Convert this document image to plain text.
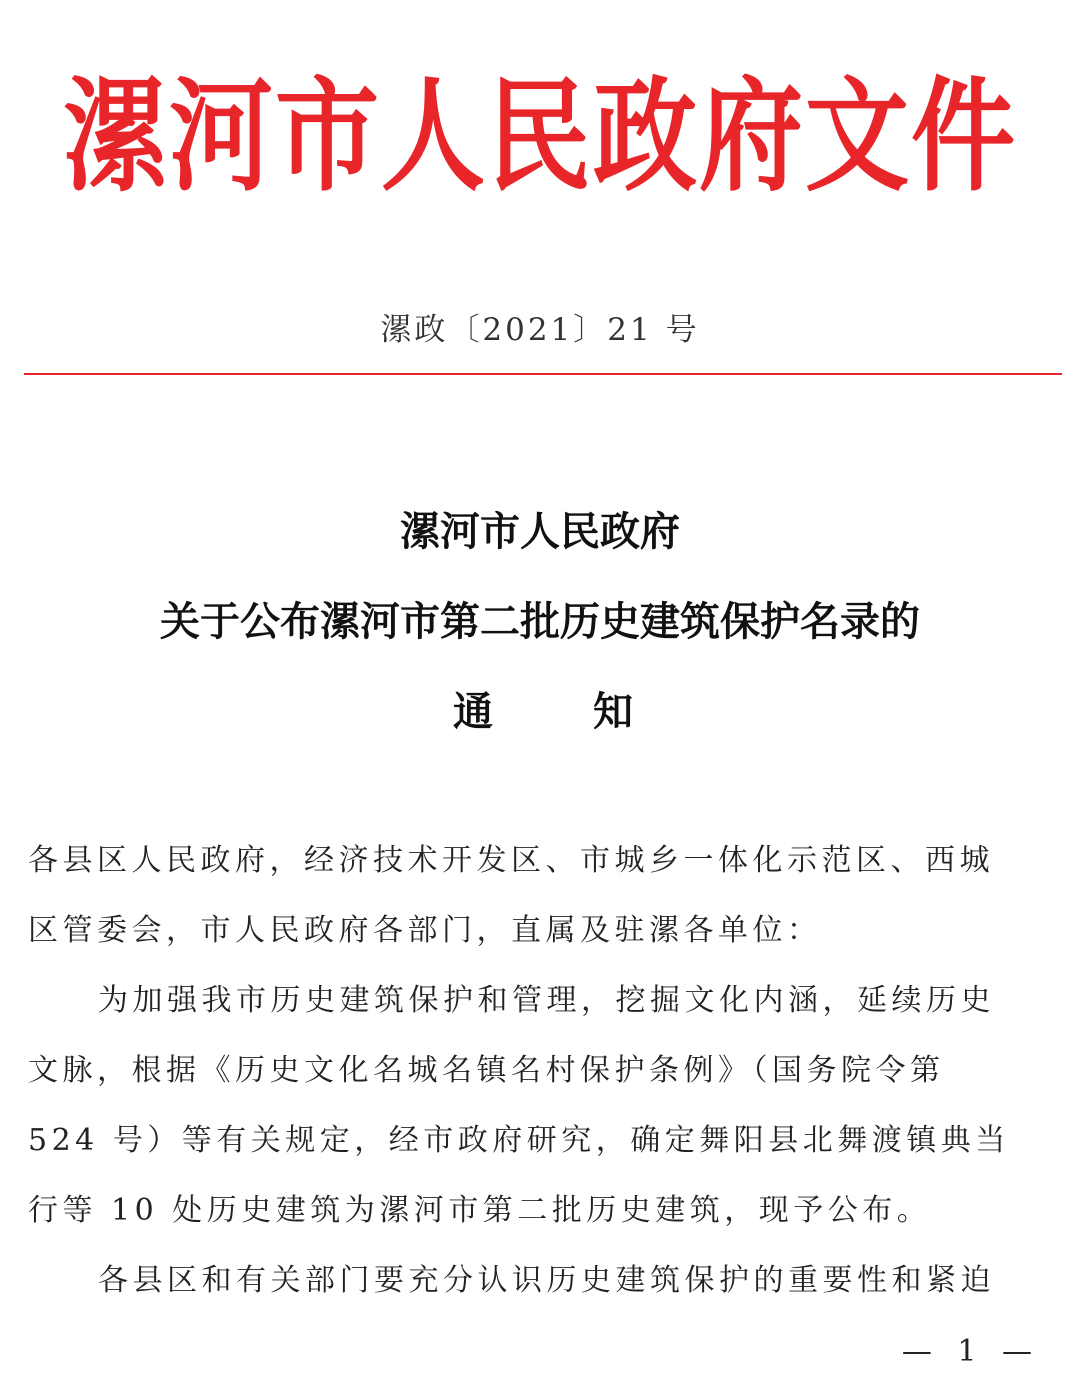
漯河市人民政府文件
漯政〔2021〕21 号
漯河市人民政府
关于公布漯河市第二批历史建筑保护名录的
通	知
各县区人民政府，经济技术开发区、市城乡一体化示范区、西城
区管委会，市人民政府各部门，直属及驻漯各单位：
为加强我市历史建筑保护和管理，挖掘文化内涵，延续历史
文脉，根据《历史文化名城名镇名村保护条例》（国务院令第
524 号）等有关规定，经市政府研究，确定舞阳县北舞渡镇典当
行等 10 处历史建筑为漯河市第二批历史建筑，现予公布。
各县区和有关部门要充分认识历史建筑保护的重要性和紧迫
— 1 —
